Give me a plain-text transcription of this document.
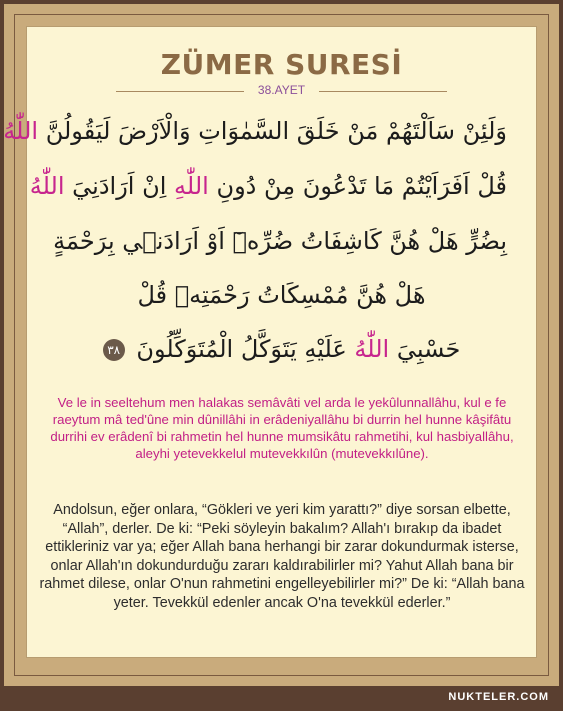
ZÜMER SURESİ
38.AYET
وَلَئِنْ سَاَلْتَهُمْ مَنْ خَلَقَ السَّمٰوَاتِ وَالْاَرْضَ لَيَقُولُنَّ اللّٰهُ
قُلْ اَفَرَاَيْتُمْ مَا تَدْعُونَ مِنْ دُونِ اللّٰهِ اِنْ اَرَادَنِيَ اللّٰهُ
بِضُرٍّ هَلْ هُنَّ كَاشِفَاتُ ضُرِّهٖٓ اَوْ اَرَادَنٖي بِرَحْمَةٍ
هَلْ هُنَّ مُمْسِكَاتُ رَحْمَتِهٖ قُلْ
حَسْبِيَ اللّٰهُ عَلَيْهِ يَتَوَكَّلُ الْمُتَوَكِّلُونَ ٣٨
Ve le in seeltehum men halakas semâvâti vel arda le yekûlunnallâhu, kul e fe raeytum mâ ted'ûne min dûnillâhi in erâdeniyallâhu bi durrin hel hunne kâşifâtu durrihi ev erâdenî bi rahmetin hel hunne mumsikâtu rahmetihi, kul hasbiyallâhu, aleyhi yetevekkelul mutevekkılûn (mutevekkılûne).
Andolsun, eğer onlara, “Gökleri ve yeri kim yarattı?” diye sorsan elbette, “Allah”, derler. De ki: “Peki söyleyin bakalım? Allah'ı bırakıp da ibadet ettikleriniz var ya; eğer Allah bana herhangi bir zarar dokundurmak isterse, onlar Allah'ın dokundurduğu zararı kaldırabilirler mi? Yahut Allah bana bir rahmet dilese, onlar O'nun rahmetini engelleyebilirler mi?” De ki: “Allah bana yeter. Tevekkül edenler ancak O'na tevekkül ederler.”
NUKTELER.COM
